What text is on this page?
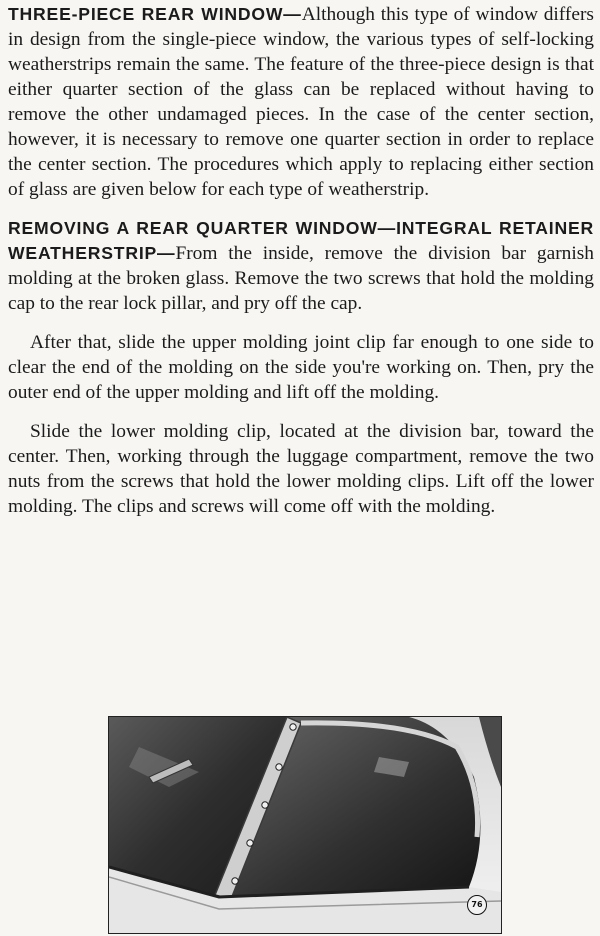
THREE-PIECE REAR WINDOW—Although this type of window differs in design from the single-piece window, the various types of self-locking weatherstrips remain the same. The feature of the three-piece design is that either quarter section of the glass can be replaced without having to remove the other undamaged pieces. In the case of the center section, however, it is necessary to remove one quarter section in order to replace the center section. The procedures which apply to replacing either section of glass are given below for each type of weatherstrip.

REMOVING A REAR QUARTER WINDOW—INTEGRAL RETAINER WEATHERSTRIP—From the inside, remove the division bar garnish molding at the broken glass. Remove the two screws that hold the molding cap to the rear lock pillar, and pry off the cap.

After that, slide the upper molding joint clip far enough to one side to clear the end of the molding on the side you're working on. Then, pry the outer end of the upper molding and lift off the molding.

Slide the lower molding clip, located at the division bar, toward the center. Then, working through the luggage compartment, remove the two nuts from the screws that hold the lower molding clips. Lift off the lower molding. The clips and screws will come off with the molding.

76
